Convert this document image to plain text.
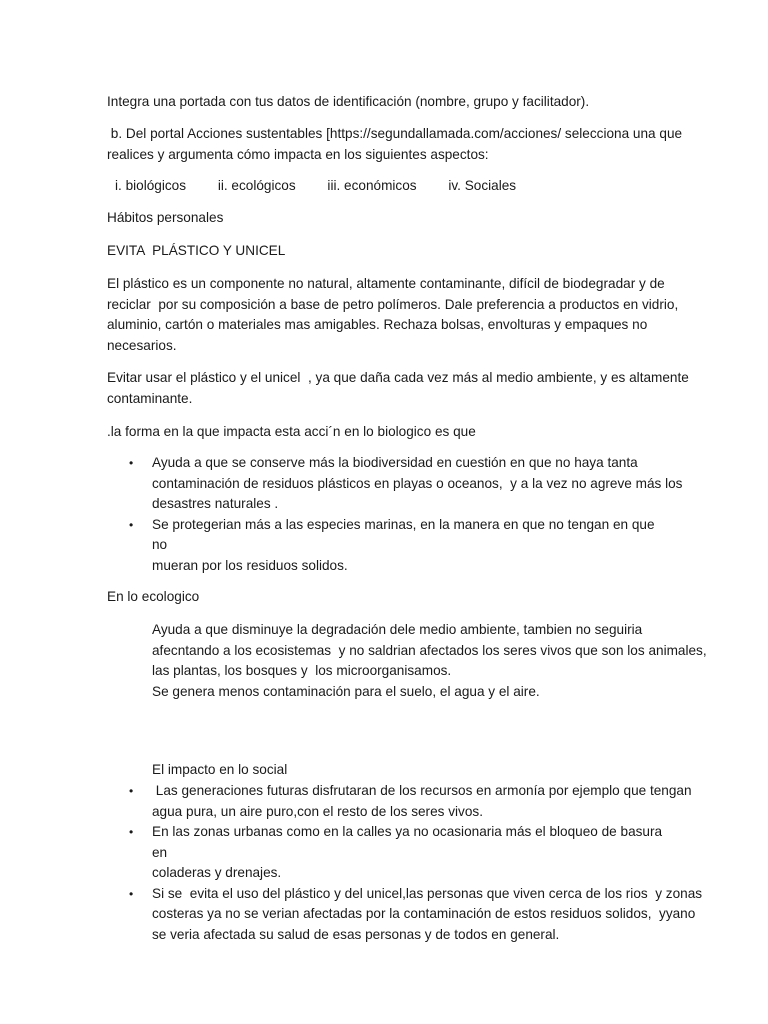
Integra una portada con tus datos de identificación (nombre, grupo y facilitador).

b. Del portal Acciones sustentables [https://segundallamada.com/acciones/ selecciona una que
realices y argumenta cómo impacta en los siguientes aspectos:

i. biológicos ii. ecológicos iii. económicos iv. Sociales

Hábitos personales

EVITA  PLÁSTICO Y UNICEL

El plástico es un componente no natural, altamente contaminante, difícil de biodegradar y de
reciclar  por su composición a base de petro polímeros. Dale preferencia a productos en vidrio,
aluminio, cartón o materiales mas amigables. Rechaza bolsas, envolturas y empaques no
necesarios.

Evitar usar el plástico y el unicel  , ya que daña cada vez más al medio ambiente, y es altamente
contaminante.

.la forma en la que impacta esta acci´n en lo biologico es que

•	Ayuda a que se conserve más la biodiversidad en cuestión en que no haya tanta
contaminación de residuos plásticos en playas o oceanos,  y a la vez no agreve más los
desastres naturales .
•	Se protegerian más a las especies marinas, en la manera en que no tengan en que no
mueran por los residuos solidos.

En lo ecologico

Ayuda a que disminuye la degradación dele medio ambiente, tambien no seguiria
afecntando a los ecosistemas  y no saldrian afectados los seres vivos que son los animales,
las plantas, los bosques y  los microorganisamos.
Se genera menos contaminación para el suelo, el agua y el aire.

El impacto en lo social

•	Las generaciones futuras disfrutaran de los recursos en armonía por ejemplo que tengan
agua pura, un aire puro,con el resto de los seres vivos.
•	En las zonas urbanas como en la calles ya no ocasionaria más el bloqueo de basura en
coladeras y drenajes.
•	Si se  evita el uso del plástico y del unicel,las personas que viven cerca de los rios  y zonas
costeras ya no se verian afectadas por la contaminación de estos residuos solidos,  yyano
se veria afectada su salud de esas personas y de todos en general.
